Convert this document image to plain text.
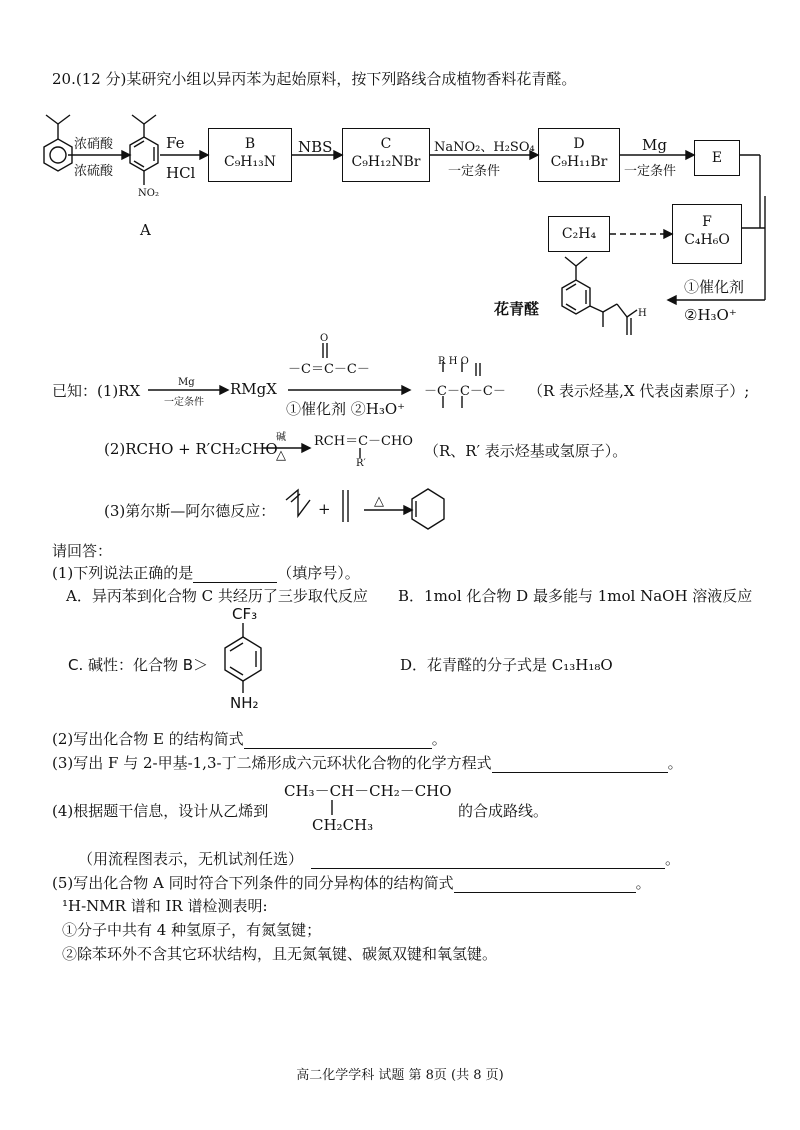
20.(12 分)某研究小组以异丙苯为起始原料，按下列路线合成植物香料花青醛。
浓硝酸
浓硫酸
NO₂
A
Fe
HCl
B
C₉H₁₃N
NBS	C
C₉H₁₂NBr
NaNO₂、H₂SO₄
一定条件
D
C₉H₁₁Br
Mg
一定条件
E
C₂H₄
F
C₄H₆O
①催化剂
②H₃O⁺
花青醛	H
已知：(1)RX	Mg
一定条件
RMgX
O
－C＝C－C－
①催化剂 ②H₃O⁺
R H O
－C－C－C－ （R 表示烃基,X 代表卤素原子）;
(2)RCHO + R′CH₂CHO
碱
△
RCH＝C－CHO
R′
（R、R′ 表示烃基或氢原子）。
(3)第尔斯—阿尔德反应：	+	△
请回答：
(1)下列说法正确的是	（填序号）。
A．异丙苯到化合物 C 共经历了三步取代反应 B．1mol 化合物 D 最多能与 1mol NaOH 溶液反应
C. 碱性：化合物 B＞
CF₃
NH₂
D．花青醛的分子式是 C₁₃H₁₈O
(2)写出化合物 E 的结构简式	。
(3)写出 F 与 2-甲基-1,3-丁二烯形成六元环状化合物的化学方程式	。
(4)根据题干信息，设计从乙烯到
CH₃－CH－CH₂－CHO
CH₂CH₃
的合成路线。
（用流程图表示，无机试剂任选）	。
(5)写出化合物 A 同时符合下列条件的同分异构体的结构简式	。
¹H-NMR 谱和 IR 谱检测表明:
①分子中共有 4 种氢原子，有氮氢键；
②除苯环外不含其它环状结构，且无氮氧键、碳氮双键和氧氢键。
高二化学学科 试题 第 8页 (共 8 页)
